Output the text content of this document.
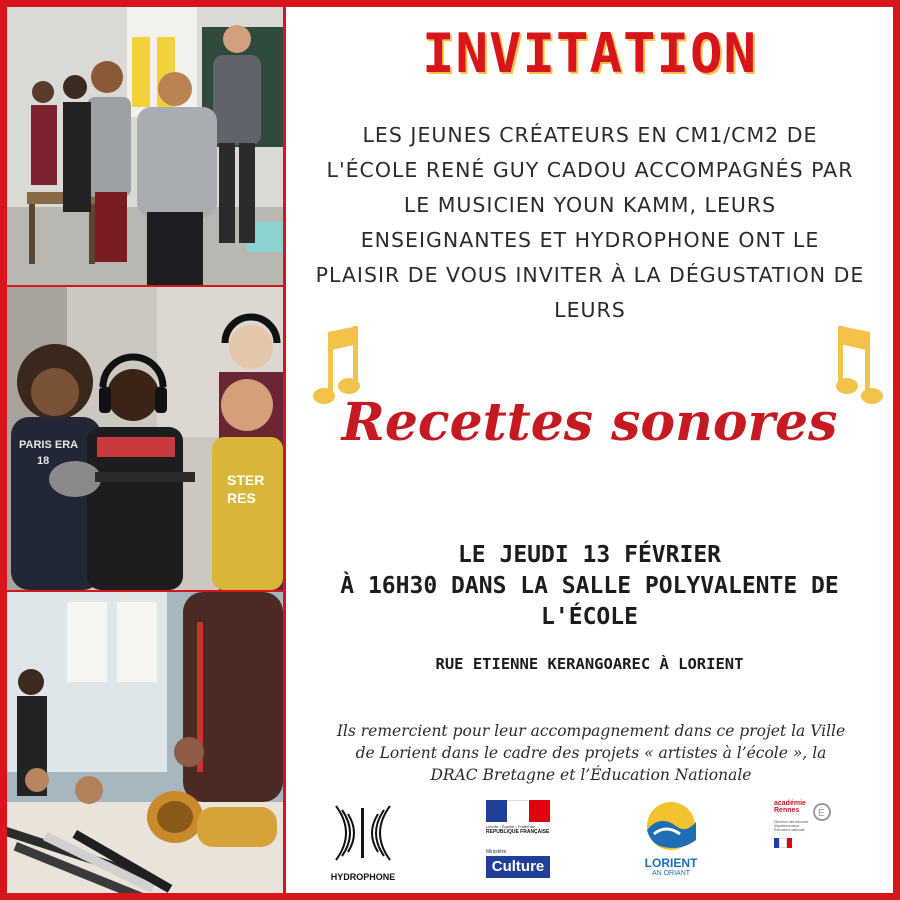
PARIS ERA
18
STER
RES
INVITATION
LES JEUNES CRÉATEURS EN CM1/CM2 DE
L'ÉCOLE RENÉ GUY CADOU ACCOMPAGNÉS PAR
LE MUSICIEN YOUN KAMM, LEURS
ENSEIGNANTES ET HYDROPHONE ONT LE
PLAISIR DE VOUS INVITER À LA DÉGUSTATION DE
LEURS
Recettes sonores
LE JEUDI 13 FÉVRIER
À 16H30 DANS LA SALLE POLYVALENTE DE
L'ÉCOLE
RUE ETIENNE KERANGOAREC À LORIENT
Ils remercient pour leur accompagnement dans ce projet la Ville
de Lorient dans le cadre des projets « artistes à l’école », la
DRAC Bretagne et l’Éducation Nationale
HYDROPHONE
Liberté • Égalité • Fraternité
RÉPUBLIQUE FRANÇAISE
Ministère
Culture	LORIENT
AN ORIANT
académie
Rennes	É
Direction des services
départementaux
Éducation nationale
